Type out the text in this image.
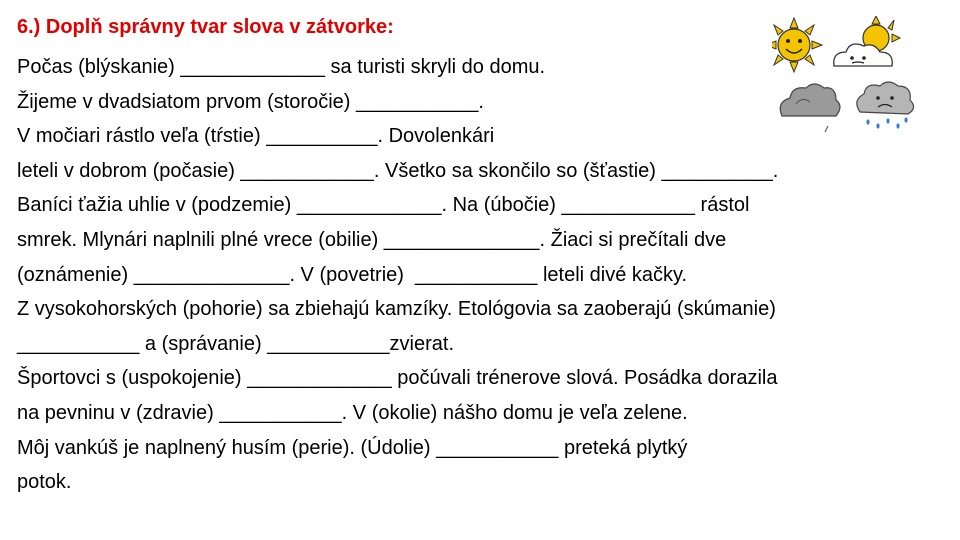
6.) Doplň správny tvar slova v zátvorke:
Počas (blýskanie) _____________ sa turisti skryli do domu.
Žijeme v dvadsiatom prvom (storočie) ___________.
V močiari rástlo veľa (tŕstie) __________. Dovolenkári
leteli v dobrom (počasie) ____________. Všetko sa skončilo so (šťastie) __________.
Baníci ťažia uhlie v (podzemie) _____________. Na (úbočie) ____________ rástol
smrek. Mlynári naplnili plné vrece (obilie) ______________. Žiaci si prečítali dve
(oznámenie) ______________. V (povetrie)  ___________ leteli divé kačky.
Z vysokohorských (pohorie) sa zbiehajú kamzíky. Etológovia sa zaoberajú (skúmanie)
___________ a (správanie) ___________zvierat.
Športovci s (uspokojenie) _____________ počúvali trénerove slová. Posádka dorazila
na pevninu v (zdravie) ___________. V (okolie) nášho domu je veľa zelene.
Môj vankúš je naplnený husím (perie). (Údolie) ___________ preteká plytký
potok.
